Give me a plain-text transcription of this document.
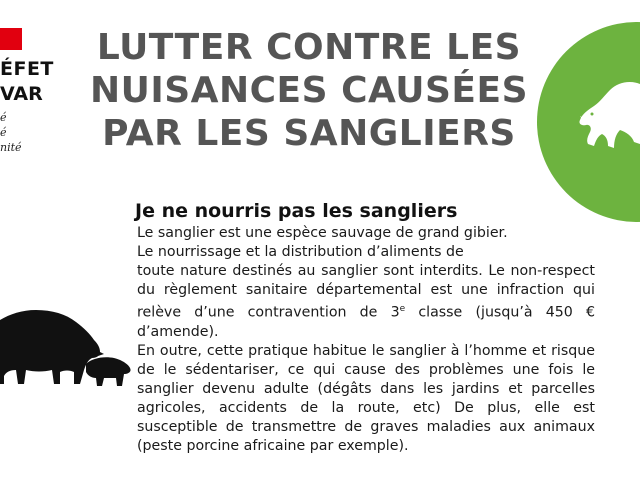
ÉFET
VAR
é
é
nité
LUTTER CONTRE LES
NUISANCES CAUSÉES
PAR LES SANGLIERS
Je ne nourris pas les sangliers

Le sanglier est une espèce sauvage de grand gibier.

Le nourrissage et la distribution d’aliments de

toute nature destinés au sanglier sont interdits. Le non-respect du règlement sanitaire départemental est une infraction qui relève d’une contravention de 3e classe (jusqu’à 450 € d’amende).

En outre, cette pratique habitue le sanglier à l’homme et risque de le sédentariser, ce qui cause des problèmes une fois le sanglier devenu adulte (dégâts dans les jardins et parcelles agricoles, accidents de la route, etc) De plus, elle est susceptible de transmettre de graves maladies aux animaux (peste porcine africaine par exemple).
